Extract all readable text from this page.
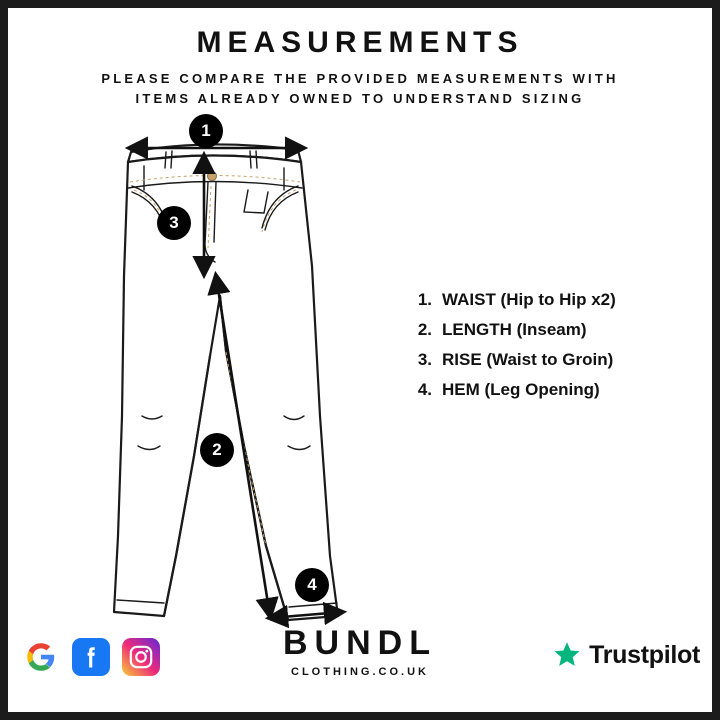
MEASUREMENTS
PLEASE COMPARE THE PROVIDED MEASUREMENTS WITH
ITEMS ALREADY OWNED TO UNDERSTAND SIZING
1
3
2
4
1. WAIST (Hip to Hip x2)
2. LENGTH (Inseam)
3. RISE (Waist to Groin)
4. HEM (Leg Opening)
BUNDL
CLOTHING.CO.UK
Trustpilot
